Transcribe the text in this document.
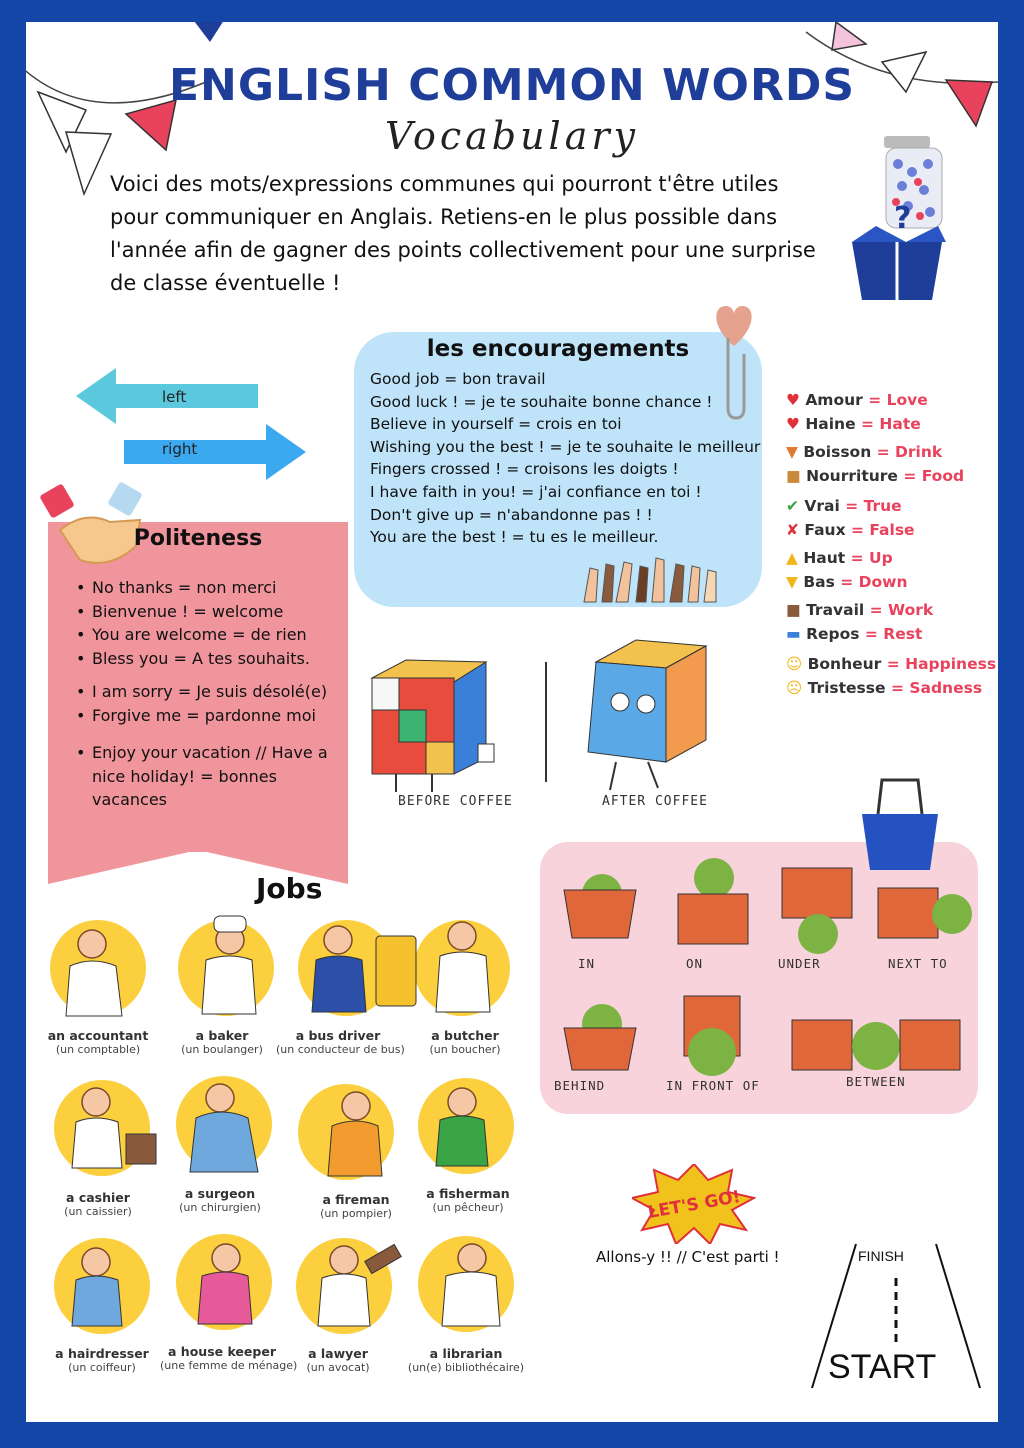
ENGLISH COMMON WORDS
Vocabulary
Voici des mots/expressions communes qui pourront t'être utiles pour communiquer en Anglais. Retiens-en le plus possible dans l'année afin de gagner des points collectivement pour une surprise de classe éventuelle !
?
left
right
les encouragements
Good job = bon travail
Good luck ! = je te souhaite bonne chance !
Believe in yourself = crois en toi
Wishing you the best ! = je te souhaite le meilleur
Fingers crossed ! = croisons les doigts !
I have faith in you! = j'ai confiance en toi !
Don't give up = n'abandonne pas ! !
You are the best ! = tu es le meilleur.
Politeness
• No thanks = non merci
• Bienvenue ! = welcome
• You are welcome = de rien
• Bless you = A tes souhaits.
• I am sorry = Je suis désolé(e)
• Forgive me = pardonne moi
• Enjoy your vacation // Have a nice holiday! = bonnes vacances
♥ Amour = Love
♥ Haine = Hate
▼ Boisson = Drink
■ Nourriture = Food
✔ Vrai = True
✘ Faux = False
▲ Haut = Up
▼ Bas = Down
■ Travail = Work
▬ Repos = Rest
☺ Bonheur = Happiness
☹ Tristesse = Sadness
BEFORE COFFEE	AFTER COFFEE
IN	ON	UNDER	NEXT TO
BEHIND	IN FRONT OF	BETWEEN
Jobs
an accountant
(un comptable)
a baker
(un boulanger)
a bus driver
(un conducteur de bus)
a butcher
(un boucher)
a cashier
(un caissier)
a surgeon
(un chirurgien)
a fireman
(un pompier)
a fisherman
(un pêcheur)
a hairdresser
(un coiffeur)
a house keeper
(une femme de ménage)
a lawyer
(un avocat)
a librarian
(un(e) bibliothécaire)
LET'S GO!
Allons-y !! // C'est parti !	FINISH
START
